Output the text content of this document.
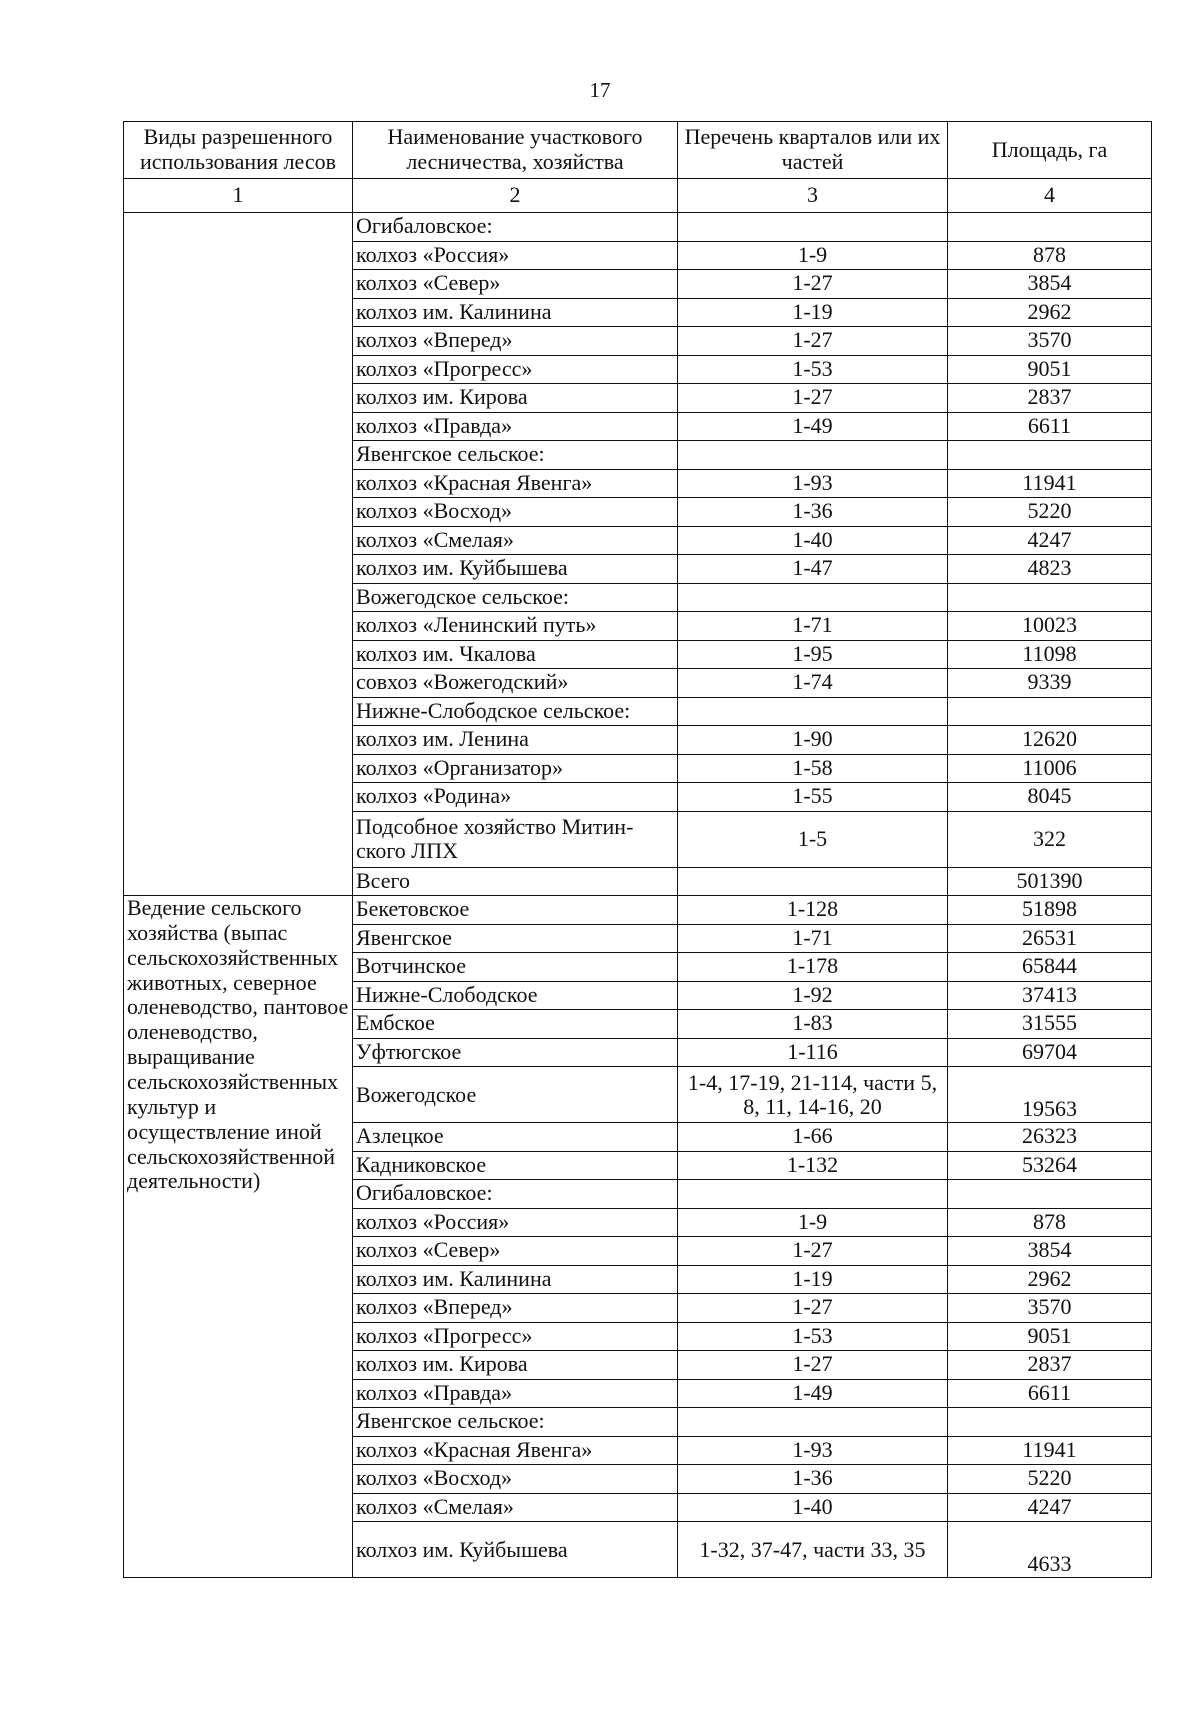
17
Виды разрешенного использования лесов	Наименование участкового лесничества, хозяйства	Перечень кварталов или их частей	Площадь, га
1	2	3	4
	Огибаловское:		
	колхоз «Россия»	1-9	878
	колхоз «Север»	1-27	3854
	колхоз им. Калинина	1-19	2962
	колхоз «Вперед»	1-27	3570
	колхоз «Прогресс»	1-53	9051
	колхоз им. Кирова	1-27	2837
	колхоз «Правда»	1-49	6611
	Явенгское сельское:		
	колхоз «Красная Явенга»	1-93	11941
	колхоз «Восход»	1-36	5220
	колхоз «Смелая»	1-40	4247
	колхоз им. Куйбышева	1-47	4823
	Вожегодское сельское:		
	колхоз «Ленинский путь»	1-71	10023
	колхоз им. Чкалова	1-95	11098
	совхоз «Вожегодский»	1-74	9339
	Нижне-Слободское сельское:		
	колхоз им. Ленина	1-90	12620
	колхоз «Организатор»	1-58	11006
	колхоз «Родина»	1-55	8045
	Подсобное хозяйство Митин-ского ЛПХ	1-5	322
	Всего		501390
Ведение сельского хозяйства (выпас сельскохозяйственных животных, северное оленеводство, пантовое оленеводство, выращивание сельскохозяйственных культур и осуществление иной сельскохозяйственной деятельности)	Бекетовское	1-128	51898
	Явенгское	1-71	26531
	Вотчинское	1-178	65844
	Нижне-Слободское	1-92	37413
	Ембское	1-83	31555
	Уфтюгское	1-116	69704
	Вожегодское	1-4, 17-19, 21-114, части 5, 8, 11, 14-16, 20	19563
	Азлецкое	1-66	26323
	Кадниковское	1-132	53264
	Огибаловское:		
	колхоз «Россия»	1-9	878
	колхоз «Север»	1-27	3854
	колхоз им. Калинина	1-19	2962
	колхоз «Вперед»	1-27	3570
	колхоз «Прогресс»	1-53	9051
	колхоз им. Кирова	1-27	2837
	колхоз «Правда»	1-49	6611
	Явенгское сельское:		
	колхоз «Красная Явенга»	1-93	11941
	колхоз «Восход»	1-36	5220
	колхоз «Смелая»	1-40	4247
	колхоз им. Куйбышева	1-32, 37-47, части 33, 35	4633
